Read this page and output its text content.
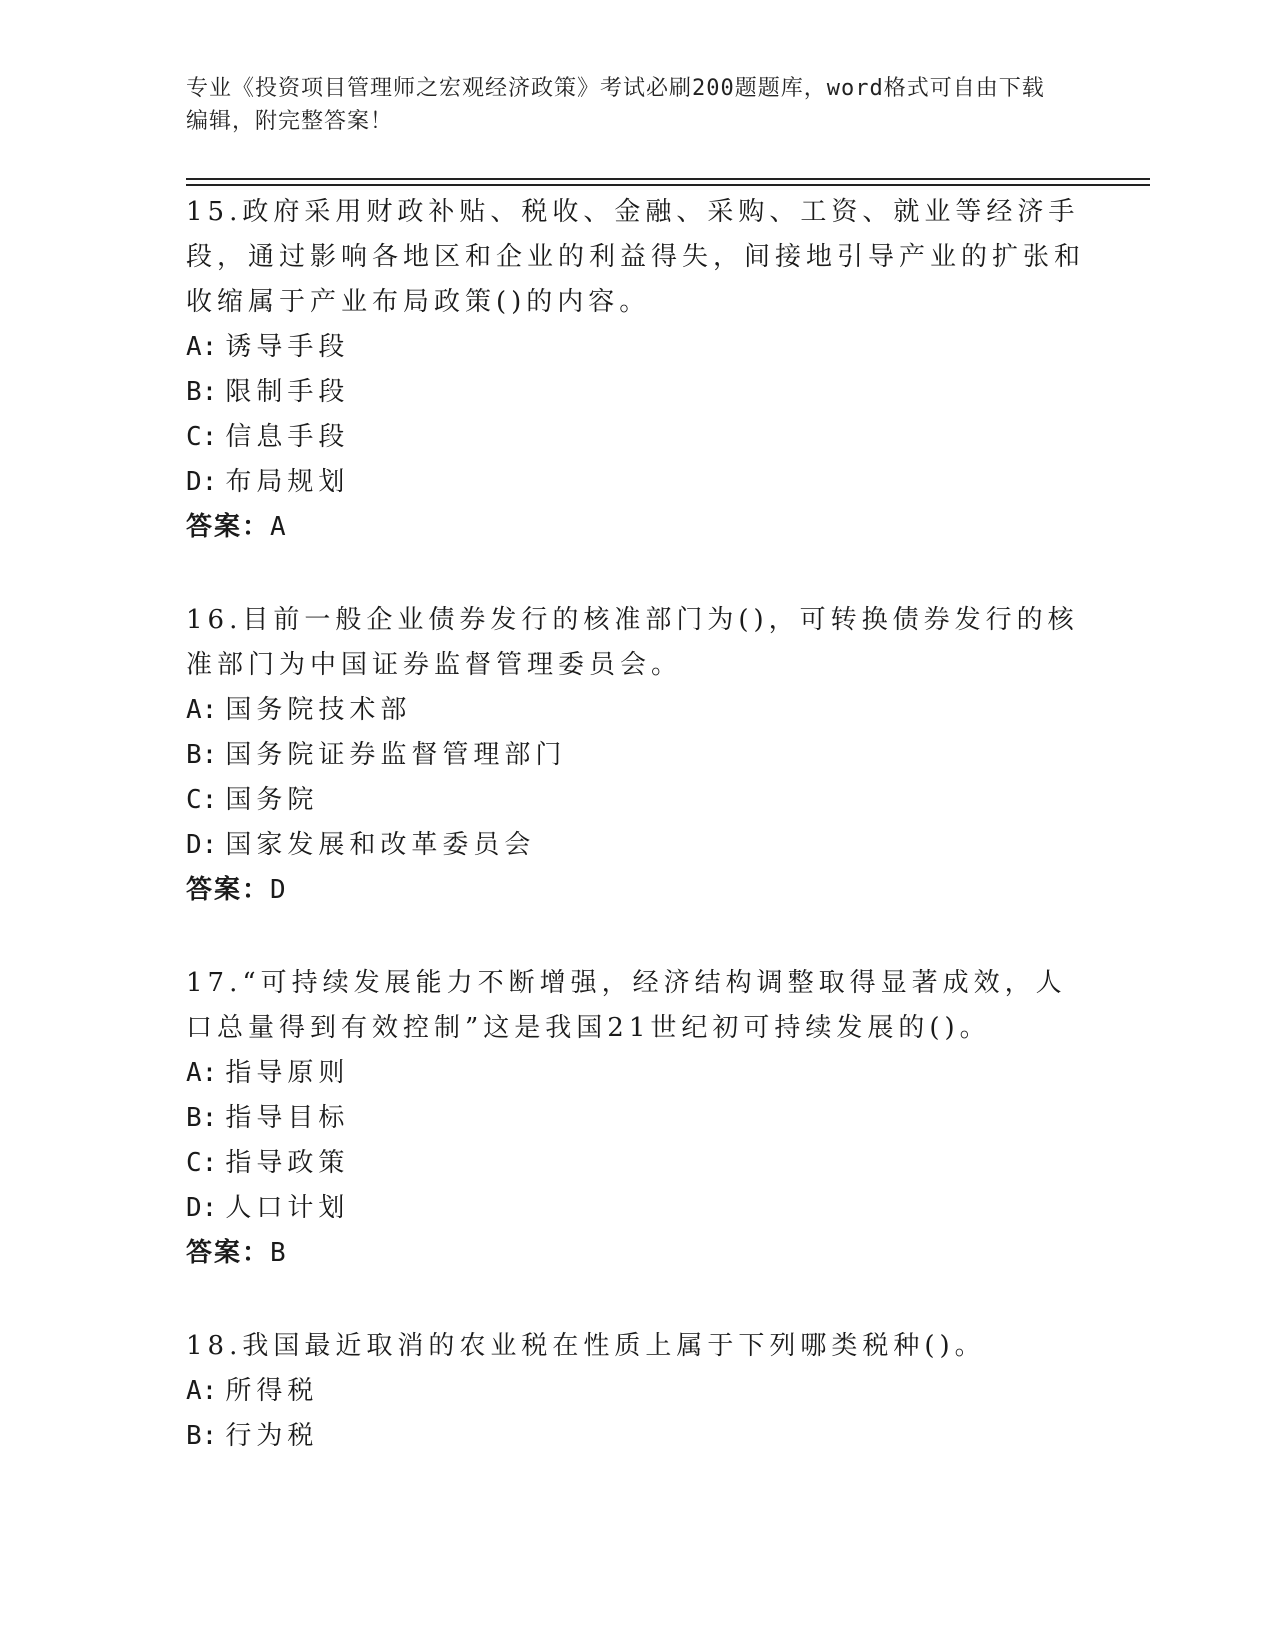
专业《投资项目管理师之宏观经济政策》考试必刷200题题库，word格式可自由下载编辑，附完整答案！

15.政府采用财政补贴、税收、金融、采购、工资、就业等经济手段，通过影响各地区和企业的利益得失，间接地引导产业的扩张和收缩属于产业布局政策()的内容。

A: 诱导手段

B: 限制手段

C: 信息手段

D: 布局规划

答案：A

16.目前一般企业债券发行的核准部门为()，可转换债券发行的核准部门为中国证券监督管理委员会。

A: 国务院技术部

B: 国务院证券监督管理部门

C: 国务院

D: 国家发展和改革委员会

答案：D

17.“可持续发展能力不断增强，经济结构调整取得显著成效，人口总量得到有效控制”这是我国21世纪初可持续发展的()。

A: 指导原则

B: 指导目标

C: 指导政策

D: 人口计划

答案：B

18.我国最近取消的农业税在性质上属于下列哪类税种()。

A: 所得税

B: 行为税
